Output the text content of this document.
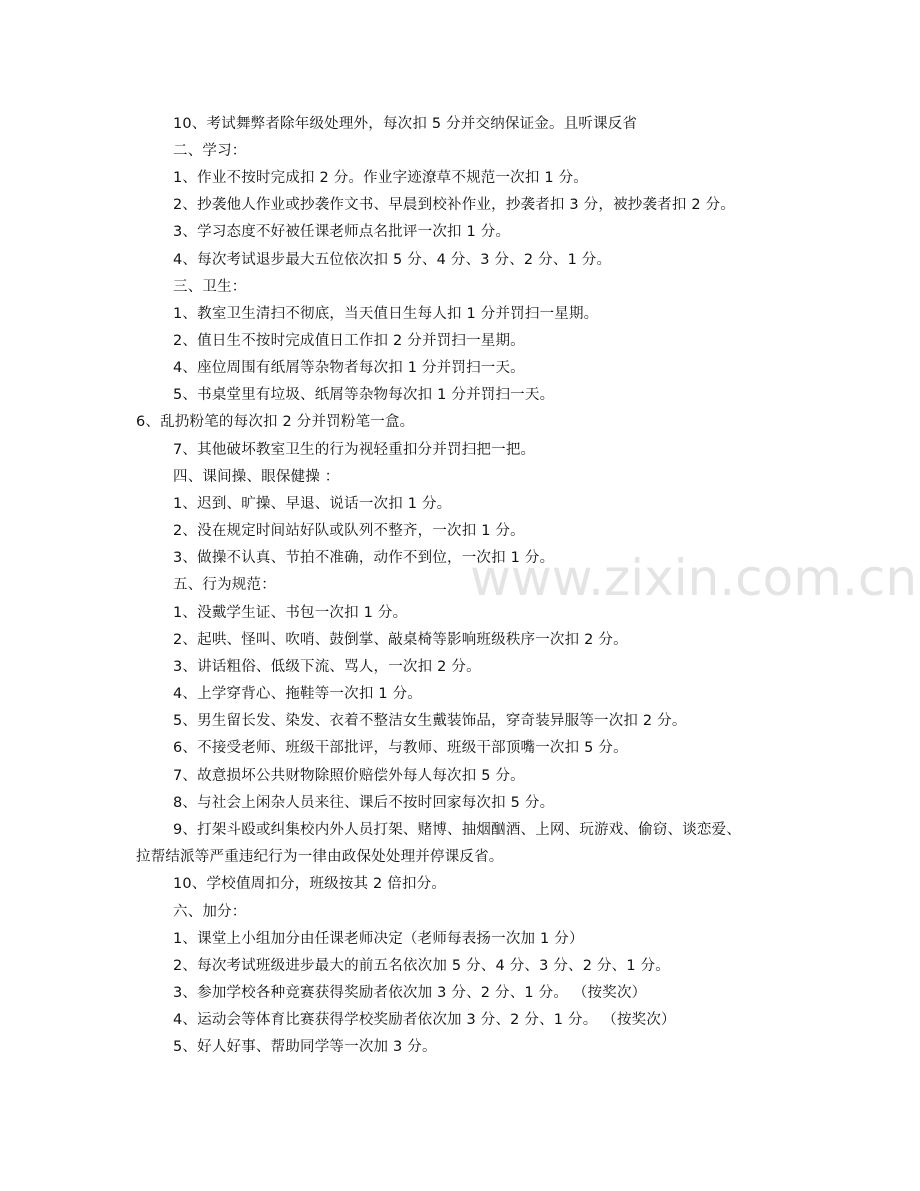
www.zixin.com.cn
10、考试舞弊者除年级处理外，每次扣 5 分并交纳保证金。且听课反省
二、学习：
1、作业不按时完成扣 2 分。作业字迹潦草不规范一次扣 1 分。
2、抄袭他人作业或抄袭作文书、早晨到校补作业，抄袭者扣 3 分，被抄袭者扣 2 分。
3、学习态度不好被任课老师点名批评一次扣 1 分。
4、每次考试退步最大五位依次扣 5 分、4 分、3 分、2 分、1 分。
三、卫生：
1、教室卫生清扫不彻底，当天值日生每人扣 1 分并罚扫一星期。
2、值日生不按时完成值日工作扣 2 分并罚扫一星期。
4、座位周围有纸屑等杂物者每次扣 1 分并罚扫一天。
5、书桌堂里有垃圾、纸屑等杂物每次扣 1 分并罚扫一天。
6、乱扔粉笔的每次扣 2 分并罚粉笔一盒。
7、其他破坏教室卫生的行为视轻重扣分并罚扫把一把。
四、课间操、眼保健操 ：
1、迟到、旷操、早退、说话一次扣 1 分。
2、没在规定时间站好队或队列不整齐，一次扣 1 分。
3、做操不认真、节拍不准确，动作不到位，一次扣 1 分。
五、行为规范：
1、没戴学生证、书包一次扣 1 分。
2、起哄、怪叫、吹哨、鼓倒掌、敲桌椅等影响班级秩序一次扣 2 分。
3、讲话粗俗、低级下流、骂人，一次扣 2 分。
4、上学穿背心、拖鞋等一次扣 1 分。
5、男生留长发、染发、衣着不整洁女生戴装饰品，穿奇装异服等一次扣 2 分。
6、不接受老师、班级干部批评，与教师、班级干部顶嘴一次扣 5 分。
7、故意损坏公共财物除照价赔偿外每人每次扣 5 分。
8、与社会上闲杂人员来往、课后不按时回家每次扣 5 分。
9、打架斗殴或纠集校内外人员打架、赌博、抽烟酗酒、上网、玩游戏、偷窃、谈恋爱、
拉帮结派等严重违纪行为一律由政保处处理并停课反省。
10、学校值周扣分，班级按其 2 倍扣分。
六、加分：
1、课堂上小组加分由任课老师决定（老师每表扬一次加 1 分）
2、每次考试班级进步最大的前五名依次加 5 分、4 分、3 分、2 分、1 分。
3、参加学校各种竞赛获得奖励者依次加 3 分、2 分、1 分。 （按奖次）
4、运动会等体育比赛获得学校奖励者依次加 3 分、2 分、1 分。 （按奖次）
5、好人好事、帮助同学等一次加 3 分。
